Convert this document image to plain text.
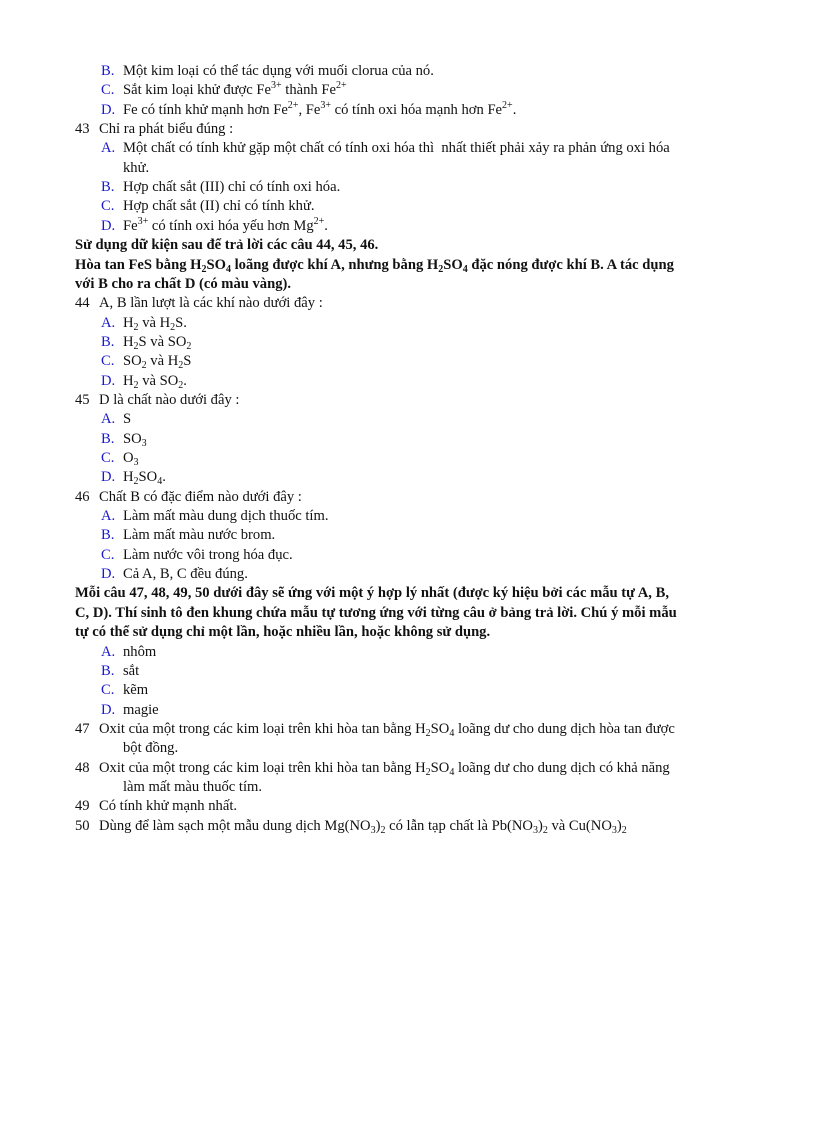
B. Một kim loại có thể tác dụng với muối clorua của nó.
C. Sắt kim loại khử được $Fe^{3+}$ thành $Fe^{2+}$
D. Fe có tính khử mạnh hơn $Fe^{2+}$, $Fe^{3+}$ có tính oxi hóa mạnh hơn $Fe^{2+}$.
43 Chỉ ra phát biểu đúng :
A. Một chất có tính khử gặp một chất có tính oxi hóa thì  nhất thiết phải xảy ra phản ứng oxi hóa
khử.
B. Hợp chất sắt (III) chỉ có tính oxi hóa.
C. Hợp chất sắt (II) chỉ có tính khử.
D. $Fe^{3+}$ có tính oxi hóa yếu hơn $Mg^{2+}$.
Sử dụng dữ kiện sau để trả lời các câu 44, 45, 46.
Hòa tan FeS bằng $H_2SO_4$ loãng được khí A, nhưng bằng $H_2SO_4$ đặc nóng được khí B. A tác dụng
với B cho ra chất D (có màu vàng).
44 A, B lần lượt là các khí nào dưới đây :
A. $H_2$ và $H_2S$.
B. $H_2S$ và $SO_2$
C. $SO_2$ và $H_2S$
D. $H_2$ và $SO_2$.
45 D là chất nào dưới đây :
A. S
B. $SO_3$
C. $O_3$
D. $H_2SO_4$.
46 Chất B có đặc điểm nào dưới đây :
A. Làm mất màu dung dịch thuốc tím.
B. Làm mất màu nước brom.
C. Làm nước vôi trong hóa đục.
D. Cả A, B, C đều đúng.
Mỗi câu 47, 48, 49, 50 dưới đây sẽ ứng với một ý hợp lý nhất (được ký hiệu bởi các mẫu tự A, B,
C, D). Thí sinh tô đen khung chứa mẫu tự tương ứng với từng câu ở bảng trả lời. Chú ý mỗi mẫu
tự có thể sử dụng chỉ một lần, hoặc nhiều lần, hoặc không sử dụng.
A. nhôm
B. sắt
C. kẽm
D. magie
47 Oxit của một trong các kim loại trên khi hòa tan bằng $H_2SO_4$ loãng dư cho dung dịch hòa tan được
bột đồng.
48 Oxit của một trong các kim loại trên khi hòa tan bằng $H_2SO_4$ loãng dư cho dung dịch có khả năng
làm mất màu thuốc tím.
49 Có tính khử mạnh nhất.
50 Dùng để làm sạch một mẫu dung dịch $Mg(NO_3)_2$ có lẫn tạp chất là $Pb(NO_3)_2$ và $Cu(NO_3)_2$
